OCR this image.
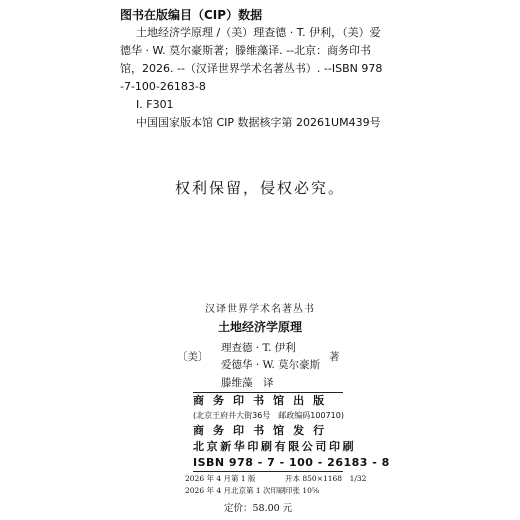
图书在版编目（CIP）数据
土地经济学原理 /（美）理查德 · T. 伊利，（美）爱
德华 · W. 莫尔豪斯著；滕维藻译. --北京：商务印书
馆，2026. --（汉译世界学术名著丛书）. --ISBN 978
-7-100-26183-8
Ⅰ. F301
中国国家版本馆 CIP 数据核字第 20261UM439号
权利保留，侵权必究。
汉译世界学术名著丛书
土地经济学原理
〔美〕
理查德 · T. 伊利
爱德华 · W. 莫尔豪斯
著
滕维藻　译
商 务 印 书 馆 出 版
(北京王府井大街36号　邮政编码100710)
商 务 印 书 馆 发 行
北京新华印刷有限公司印刷
ISBN 978 - 7 - 100 - 26183 - 8
2026 年 4 月第 1 版	开本 850×1168　1/32
2026 年 4 月北京第 1 次印刷 印张 10⅝
定价：58.00 元
